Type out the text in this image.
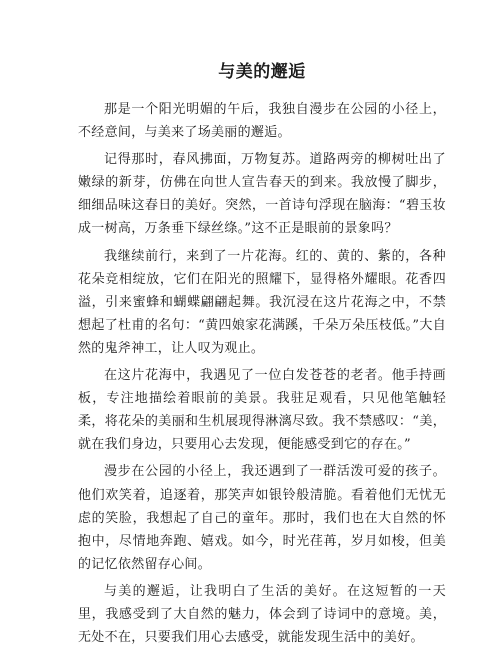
与美的邂逅

那是一个阳光明媚的午后，我独自漫步在公园的小径上，不经意间，与美来了场美丽的邂逅。

记得那时，春风拂面，万物复苏。道路两旁的柳树吐出了嫩绿的新芽，仿佛在向世人宣告春天的到来。我放慢了脚步，细细品味这春日的美好。突然，一首诗句浮现在脑海：“碧玉妆成一树高，万条垂下绿丝绦。”这不正是眼前的景象吗？

我继续前行，来到了一片花海。红的、黄的、紫的，各种花朵竞相绽放，它们在阳光的照耀下，显得格外耀眼。花香四溢，引来蜜蜂和蝴蝶翩翩起舞。我沉浸在这片花海之中，不禁想起了杜甫的名句：“黄四娘家花满蹊，千朵万朵压枝低。”大自然的鬼斧神工，让人叹为观止。

在这片花海中，我遇见了一位白发苍苍的老者。他手持画板，专注地描绘着眼前的美景。我驻足观看，只见他笔触轻柔，将花朵的美丽和生机展现得淋漓尽致。我不禁感叹：“美，就在我们身边，只要用心去发现，便能感受到它的存在。”

漫步在公园的小径上，我还遇到了一群活泼可爱的孩子。他们欢笑着，追逐着，那笑声如银铃般清脆。看着他们无忧无虑的笑脸，我想起了自己的童年。那时，我们也在大自然的怀抱中，尽情地奔跑、嬉戏。如今，时光荏苒，岁月如梭，但美的记忆依然留存心间。

与美的邂逅，让我明白了生活的美好。在这短暂的一天里，我感受到了大自然的魅力，体会到了诗词中的意境。美，无处不在，只要我们用心去感受，就能发现生活中的美好。
